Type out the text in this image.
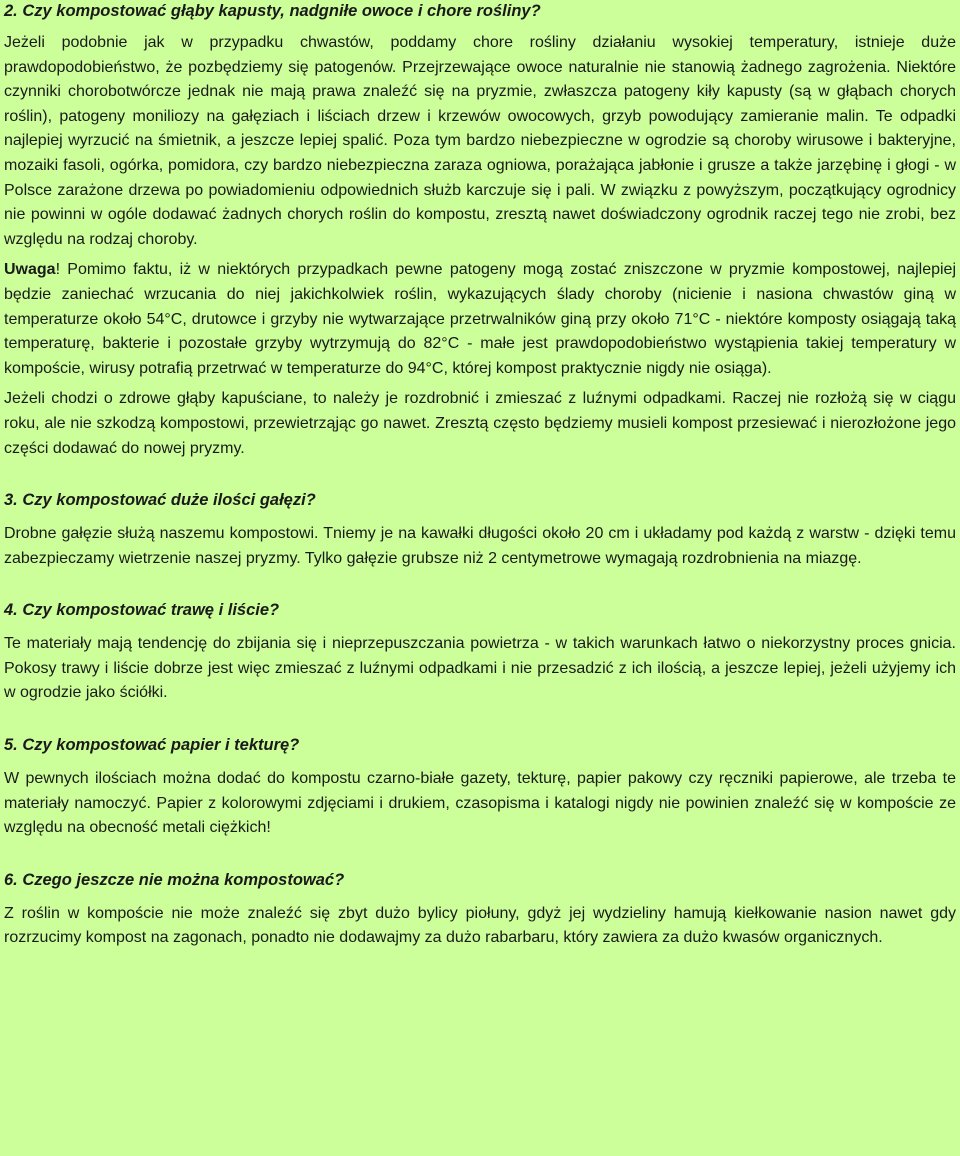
2. Czy kompostować głąby kapusty, nadgniłe owoce i chore rośliny?

Jeżeli podobnie jak w przypadku chwastów, poddamy chore rośliny działaniu wysokiej temperatury, istnieje duże prawdopodobieństwo, że pozbędziemy się patogenów. Przejrzewające owoce naturalnie nie stanowią żadnego zagrożenia. Niektóre czynniki chorobotwórcze jednak nie mają prawa znaleźć się na pryzmie, zwłaszcza patogeny kiły kapusty (są w głąbach chorych roślin), patogeny moniliozy na gałęziach i liściach drzew i krzewów owocowych, grzyb powodujący zamieranie malin. Te odpadki najlepiej wyrzucić na śmietnik, a jeszcze lepiej spalić. Poza tym bardzo niebezpieczne w ogrodzie są choroby wirusowe i bakteryjne, mozaiki fasoli, ogórka, pomidora, czy bardzo niebezpieczna zaraza ogniowa, porażająca jabłonie i grusze a także jarzębinę i głogi - w Polsce zarażone drzewa po powiadomieniu odpowiednich służb karczuje się i pali. W związku z powyższym, początkujący ogrodnicy nie powinni w ogóle dodawać żadnych chorych roślin do kompostu, zresztą nawet doświadczony ogrodnik raczej tego nie zrobi, bez względu na rodzaj choroby.

Uwaga! Pomimo faktu, iż w niektórych przypadkach pewne patogeny mogą zostać zniszczone w pryzmie kompostowej, najlepiej będzie zaniechać wrzucania do niej jakichkolwiek roślin, wykazujących ślady choroby (nicienie i nasiona chwastów giną w temperaturze około 54°C, drutowce i grzyby nie wytwarzające przetrwalników giną przy około 71°C - niektóre komposty osiągają taką temperaturę, bakterie i pozostałe grzyby wytrzymują do 82°C - małe jest prawdopodobieństwo wystąpienia takiej temperatury w kompoście, wirusy potrafią przetrwać w temperaturze do 94°C, której kompost praktycznie nigdy nie osiąga).

Jeżeli chodzi o zdrowe głąby kapuściane, to należy je rozdrobnić i zmieszać z luźnymi odpadkami. Raczej nie rozłożą się w ciągu roku, ale nie szkodzą kompostowi, przewietrząjąc go nawet. Zresztą często będziemy musieli kompost przesiewać i nierozłożone jego części dodawać do nowej pryzmy.

3. Czy kompostować duże ilości gałęzi?

Drobne gałęzie służą naszemu kompostowi. Tniemy je na kawałki długości około 20 cm i układamy pod każdą z warstw - dzięki temu zabezpieczamy wietrzenie naszej pryzmy. Tylko gałęzie grubsze niż 2 centymetrowe wymagają rozdrobnienia na miazgę.

4. Czy kompostować trawę i liście?

Te materiały mają tendencję do zbijania się i nieprzepuszczania powietrza - w takich warunkach łatwo o niekorzystny proces gnicia. Pokosy trawy i liście dobrze jest więc zmieszać z luźnymi odpadkami i nie przesadzić z ich ilością, a jeszcze lepiej, jeżeli użyjemy ich w ogrodzie jako ściółki.

5. Czy kompostować papier i tekturę?

W pewnych ilościach można dodać do kompostu czarno-białe gazety, tekturę, papier pakowy czy ręczniki papierowe, ale trzeba te materiały namoczyć. Papier z kolorowymi zdjęciami i drukiem, czasopisma i katalogi nigdy nie powinien znaleźć się w kompoście ze względu na obecność metali ciężkich!

6. Czego jeszcze nie można kompostować?

Z roślin w kompoście nie może znaleźć się zbyt dużo bylicy piołuny, gdyż jej wydzieliny hamują kiełkowanie nasion nawet gdy rozrzucimy kompost na zagonach, ponadto nie dodawajmy za dużo rabarbaru, który zawiera za dużo kwasów organicznych.
